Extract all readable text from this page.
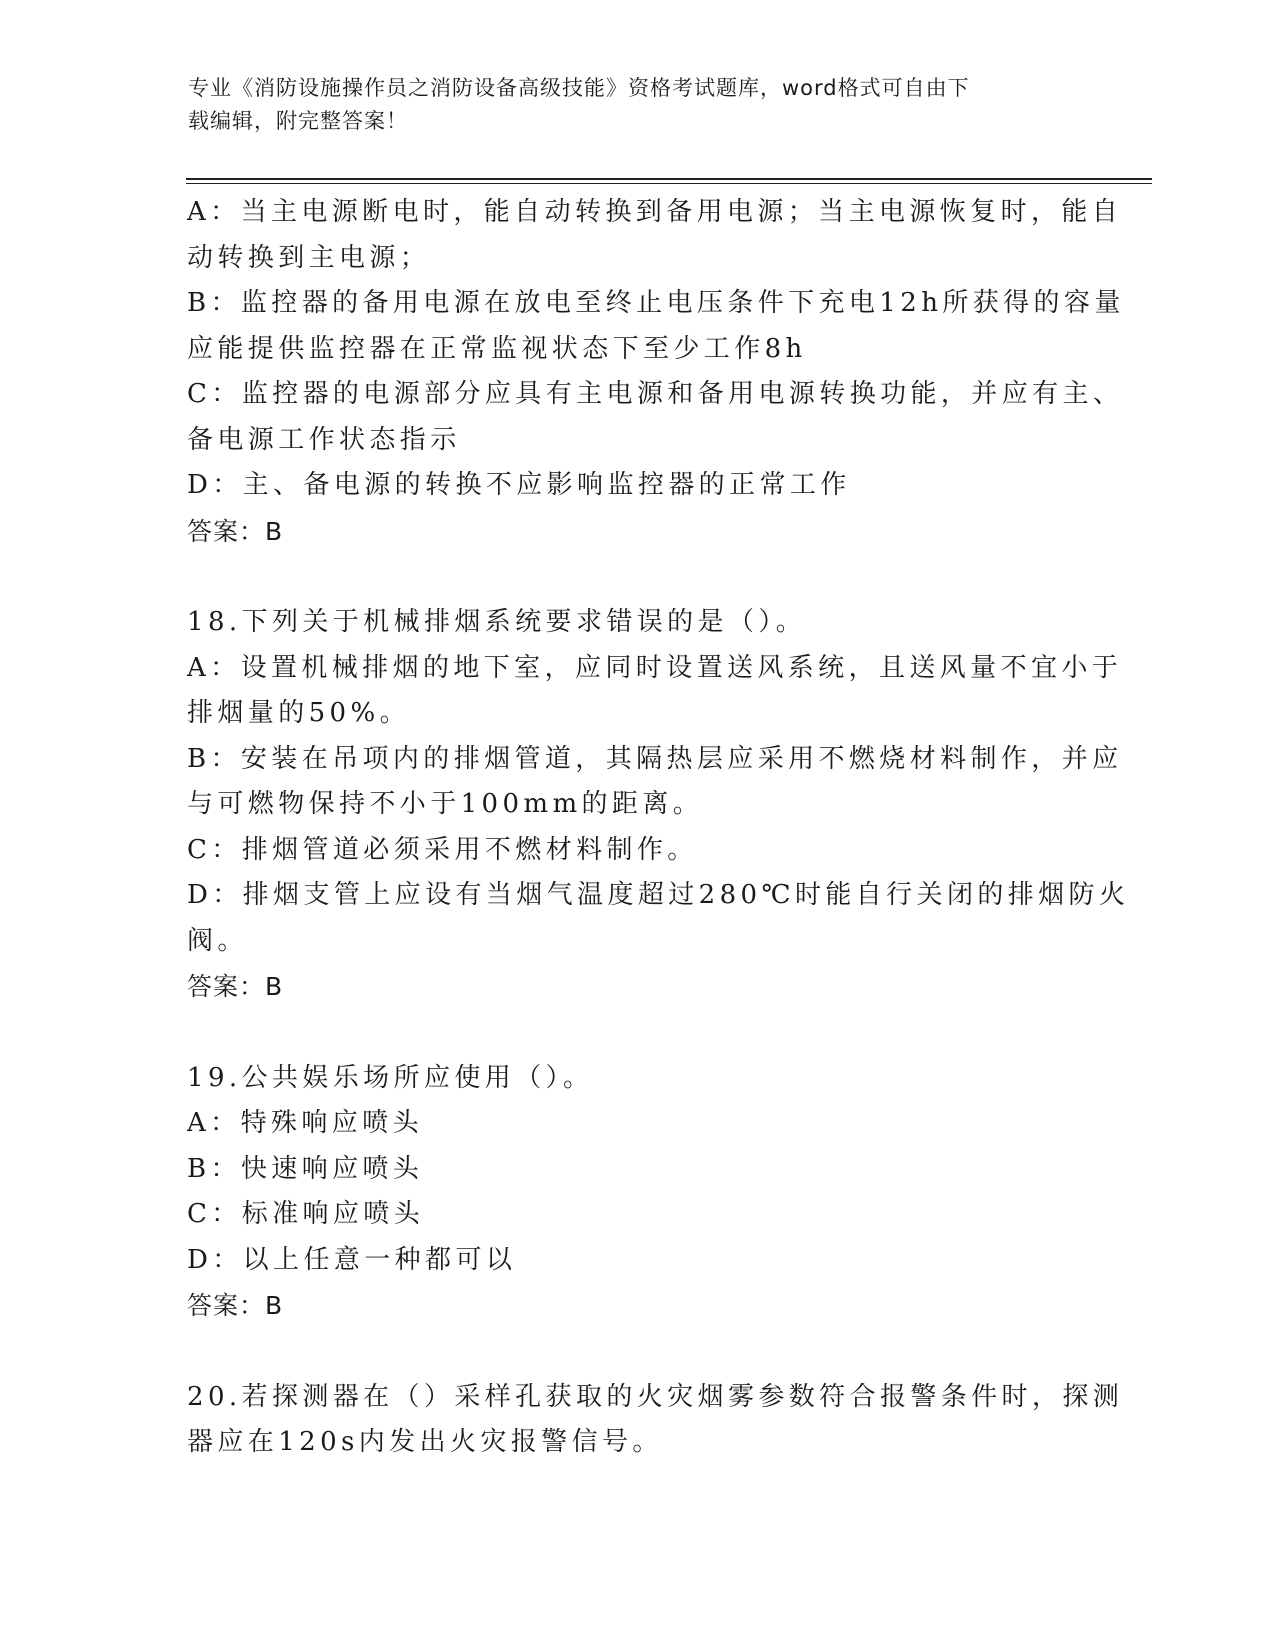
专业《消防设施操作员之消防设备高级技能》资格考试题库，word格式可自由下
载编辑，附完整答案！
A：当主电源断电时，能自动转换到备用电源；当主电源恢复时，能自
动转换到主电源；
B：监控器的备用电源在放电至终止电压条件下充电12h所获得的容量
应能提供监控器在正常监视状态下至少工作8h
C：监控器的电源部分应具有主电源和备用电源转换功能，并应有主、
备电源工作状态指示
D：主、备电源的转换不应影响监控器的正常工作
答案：B
18.下列关于机械排烟系统要求错误的是（）。
A：设置机械排烟的地下室，应同时设置送风系统，且送风量不宜小于
排烟量的50%。
B：安装在吊项内的排烟管道，其隔热层应采用不燃烧材料制作，并应
与可燃物保持不小于100mm的距离。
C：排烟管道必须采用不燃材料制作。
D：排烟支管上应设有当烟气温度超过280℃时能自行关闭的排烟防火
阀。
答案：B
19.公共娱乐场所应使用（）。
A：特殊响应喷头
B：快速响应喷头
C：标准响应喷头
D：以上任意一种都可以
答案：B
20.若探测器在（）采样孔获取的火灾烟雾参数符合报警条件时，探测
器应在120s内发出火灾报警信号。
